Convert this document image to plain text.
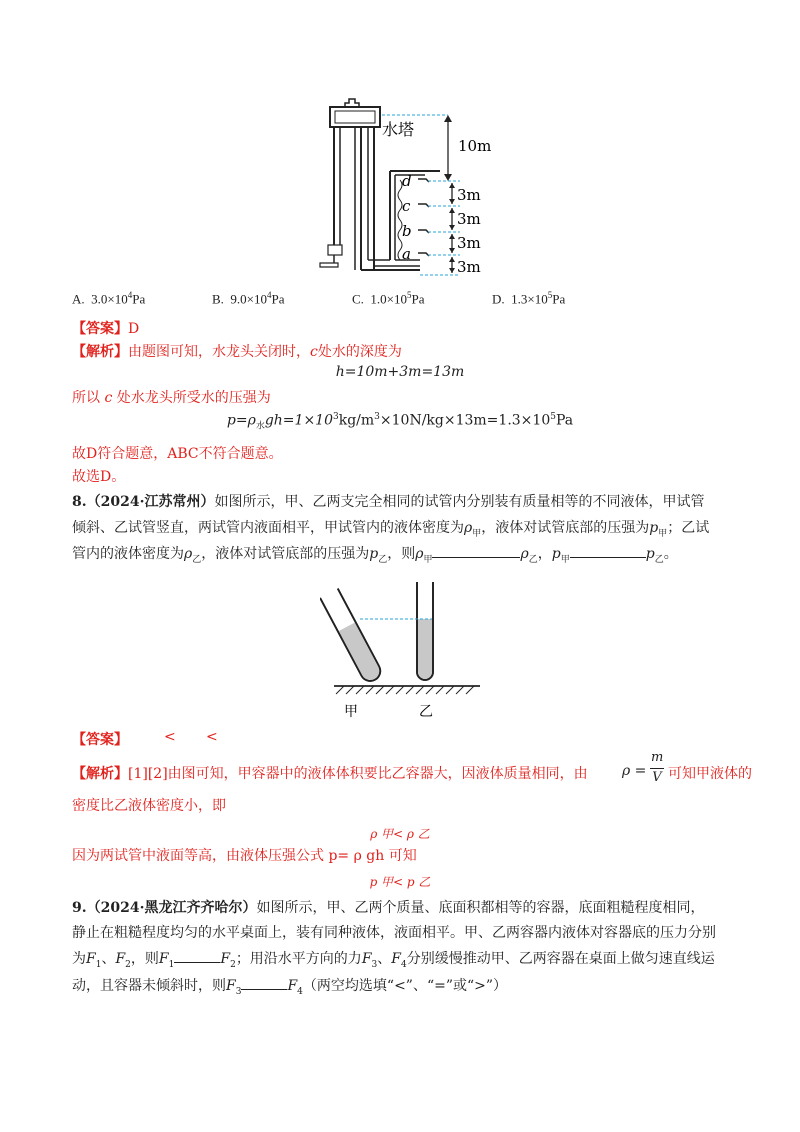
水塔
10m
d
c
b
a
3m
3m
3m
3m
A. $3.0\times 10^4Pa$	B. $9.0\times 10^4Pa$	C. $1.0\times 10^5Pa$	D. $1.3\times 10^5Pa$
【答案】D
【解析】由题图可知，水龙头关闭时，c处水的深度为
h=10m+3m=13m
所以 c 处水龙头所受水的压强为
$p=\rho_水gh=1\times 10^3kg/m^3\times 10N/kg\times 13m=1.3\times 10^5Pa$
故D符合题意，ABC不符合题意。
故选D。
8.（2024·江苏常州）如图所示，甲、乙两支完全相同的试管内分别装有质量相等的不同液体，甲试管
倾斜、乙试管竖直，两试管内液面相平，甲试管内的液体密度为$\rho_甲$，液体对试管底部的压强为$p_甲$；乙试
管内的液体密度为$\rho_乙$，液体对试管底部的压强为$p_乙$，则$\rho_甲$	$\rho_乙$，$p_甲$	$p_乙$。
甲	乙
【答案】	< <
【解析】[1][2]由图可知，甲容器中的液体体积要比乙容器大，因液体质量相同，由 ρ =
m
V 可知甲液体的
密度比乙液体密度小，即
ρ 甲< ρ 乙
因为两试管中液面等高，由液体压强公式 p= ρ gh 可知
p 甲< p 乙
9.（2024·黑龙江齐齐哈尔）如图所示，甲、乙两个质量、底面积都相等的容器，底面粗糙程度相同，
静止在粗糙程度均匀的水平桌面上，装有同种液体，液面相平。甲、乙两容器内液体对容器底的压力分别
为$F_1$、$F_2$，则$F_1$	$F_2$；用沿水平方向的力$F_3$、$F_4$分别缓慢推动甲、乙两容器在桌面上做匀速直线运
动，且容器未倾斜时，则$F_3$	$F_4$（两空均选填“<”、“=”或“>”）
